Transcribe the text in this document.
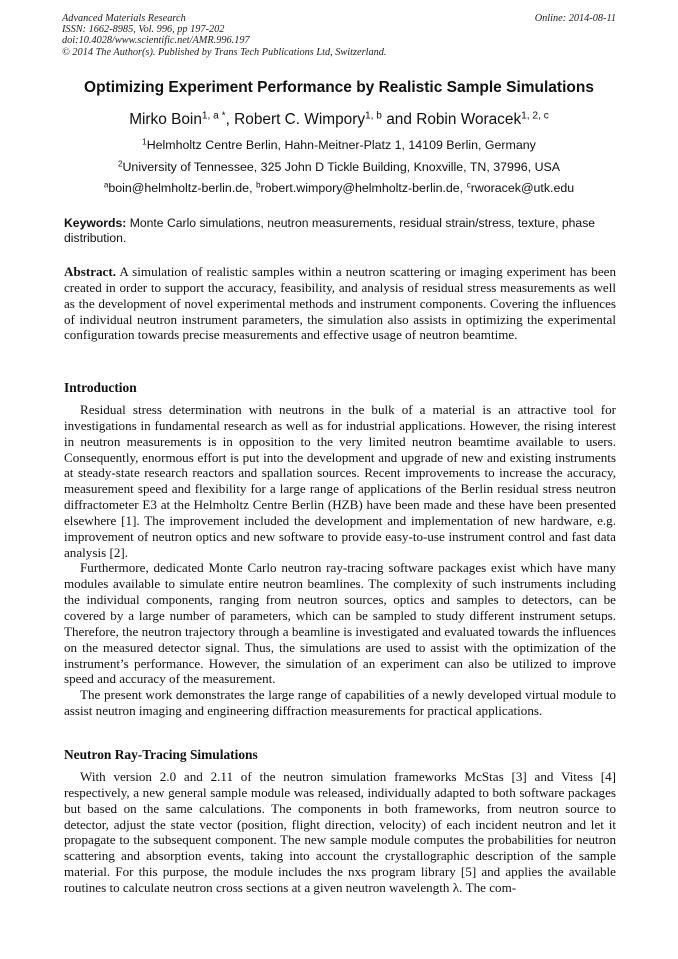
Advanced Materials Research	Online: 2014-08-11
ISSN: 1662-8985, Vol. 996, pp 197-202
doi:10.4028/www.scientific.net/AMR.996.197
© 2014 The Author(s). Published by Trans Tech Publications Ltd, Switzerland.
Optimizing Experiment Performance by Realistic Sample Simulations
Mirko Boin$^{1, a *}$, Robert C. Wimpory$^{1, b}$ and Robin Woracek$^{1, 2, c}$
$^1$Helmholtz Centre Berlin, Hahn-Meitner-Platz 1, 14109 Berlin, Germany
$^2$University of Tennessee, 325 John D Tickle Building, Knoxville, TN, 37996, USA
$^a$boin@helmholtz-berlin.de, $^b$robert.wimpory@helmholtz-berlin.de, $^c$rworacek@utk.edu
Keywords: Monte Carlo simulations, neutron measurements, residual strain/stress, texture, phase distribution.
Abstract. A simulation of realistic samples within a neutron scattering or imaging experiment has been created in order to support the accuracy, feasibility, and analysis of residual stress measurements as well as the development of novel experimental methods and instrument components. Covering the influences of individual neutron instrument parameters, the simulation also assists in optimizing the experimental configuration towards precise measurements and effective usage of neutron beamtime.
Introduction

Residual stress determination with neutrons in the bulk of a material is an attractive tool for investigations in fundamental research as well as for industrial applications. However, the rising interest in neutron measurements is in opposition to the very limited neutron beamtime available to users. Consequently, enormous effort is put into the development and upgrade of new and existing instruments at steady-state research reactors and spallation sources. Recent improvements to increase the accuracy, measurement speed and flexibility for a large range of applications of the Berlin residual stress neutron diffractometer E3 at the Helmholtz Centre Berlin (HZB) have been made and these have been presented elsewhere [1]. The improvement included the development and implementation of new hardware, e.g. improvement of neutron optics and new software to provide easy-to-use instrument control and fast data analysis [2].

Furthermore, dedicated Monte Carlo neutron ray-tracing software packages exist which have many modules available to simulate entire neutron beamlines. The complexity of such instruments including the individual components, ranging from neutron sources, optics and samples to detectors, can be covered by a large number of parameters, which can be sampled to study different instrument setups. Therefore, the neutron trajectory through a beamline is investigated and evaluated towards the influences on the measured detector signal. Thus, the simulations are used to assist with the optimization of the instrument’s performance. However, the simulation of an experiment can also be utilized to improve speed and accuracy of the measurement.

The present work demonstrates the large range of capabilities of a newly developed virtual module to assist neutron imaging and engineering diffraction measurements for practical applications.

Neutron Ray-Tracing Simulations

With version 2.0 and 2.11 of the neutron simulation frameworks McStas [3] and Vitess [4] respectively, a new general sample module was released, individually adapted to both software packages but based on the same calculations. The components in both frameworks, from neutron source to detector, adjust the state vector (position, flight direction, velocity) of each incident neutron and let it propagate to the subsequent component. The new sample module computes the probabilities for neutron scattering and absorption events, taking into account the crystallographic description of the sample material. For this purpose, the module includes the nxs program library [5] and applies the available routines to calculate neutron cross sections at a given neutron wavelength λ. The com-
